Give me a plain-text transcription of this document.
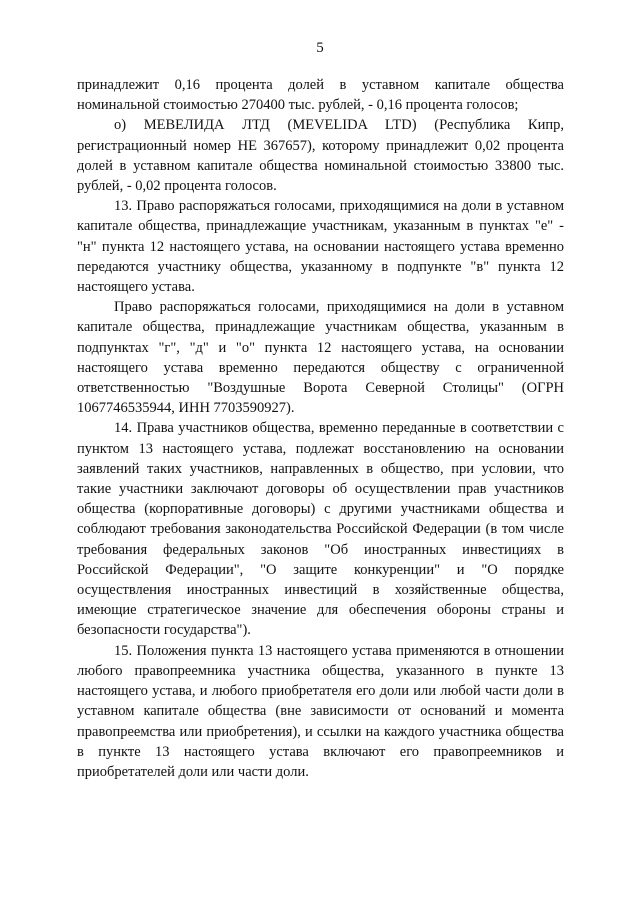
5

принадлежит 0,16 процента долей в уставном капитале общества номинальной стоимостью 270400 тыс. рублей, - 0,16 процента голосов;

о) МЕВЕЛИДА ЛТД (MEVELIDA LTD) (Республика Кипр, регистрационный номер НЕ 367657), которому принадлежит 0,02 процента долей в уставном капитале общества номинальной стоимостью 33800 тыс. рублей, - 0,02 процента голосов.

13. Право распоряжаться голосами, приходящимися на доли в уставном капитале общества, принадлежащие участникам, указанным в пунктах "е" - "н" пункта 12 настоящего устава, на основании настоящего устава временно передаются участнику общества, указанному в подпункте "в" пункта 12 настоящего устава.

Право распоряжаться голосами, приходящимися на доли в уставном капитале общества, принадлежащие участникам общества, указанным в подпунктах "г", "д" и "о" пункта 12 настоящего устава, на основании настоящего устава временно передаются обществу с ограниченной ответственностью "Воздушные Ворота Северной Столицы" (ОГРН 1067746535944, ИНН 7703590927).

14. Права участников общества, временно переданные в соответствии с пунктом 13 настоящего устава, подлежат восстановлению на основании заявлений таких участников, направленных в общество, при условии, что такие участники заключают договоры об осуществлении прав участников общества (корпоративные договоры) с другими участниками общества и соблюдают требования законодательства Российской Федерации (в том числе требования федеральных законов "Об иностранных инвестициях в Российской Федерации", "О защите конкуренции" и "О порядке осуществления иностранных инвестиций в хозяйственные общества, имеющие стратегическое значение для обеспечения обороны страны и безопасности государства").

15. Положения пункта 13 настоящего устава применяются в отношении любого правопреемника участника общества, указанного в пункте 13 настоящего устава, и любого приобретателя его доли или любой части доли в уставном капитале общества (вне зависимости от оснований и момента правопреемства или приобретения), и ссылки на каждого участника общества в пункте 13 настоящего устава включают его правопреемников и приобретателей доли или части доли.
